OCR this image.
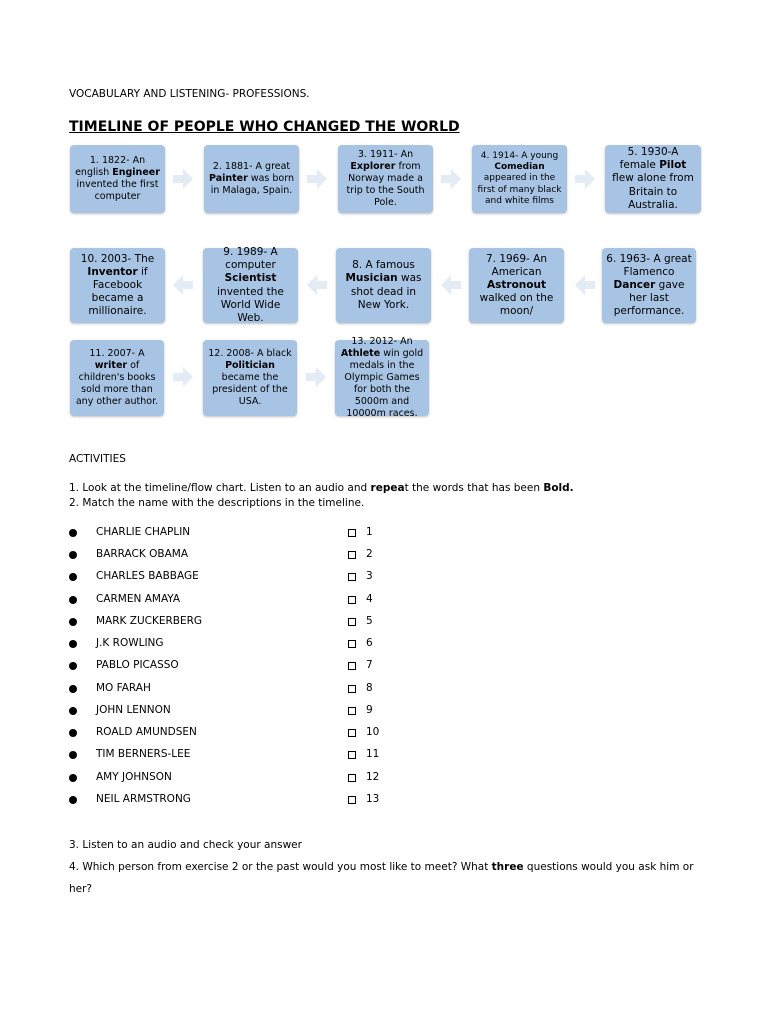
VOCABULARY AND LISTENING- PROFESSIONS.
TIMELINE OF PEOPLE WHO CHANGED THE WORLD
1. 1822- An english Engineer invented the first computer
2. 1881- A great Painter was born in Malaga, Spain.
3. 1911- An Explorer from Norway made a trip to the South Pole.
4. 1914- A young Comedian appeared in the first of many black and white films
5. 1930-A female Pilot flew alone from Britain to Australia.
6. 1963- A great Flamenco Dancer gave her last performance.
7. 1969- An American Astronout walked on the moon/
8. A famous Musician was shot dead in New York.
9. 1989- A computer Scientist invented the World Wide Web.
10. 2003- The Inventor if Facebook became a millionaire.
11. 2007- A writer of children's books sold more than any other author.
12. 2008- A black Politician became the president of the USA.
13. 2012- An Athlete win gold medals in the Olympic Games for both the 5000m and 10000m races.
ACTIVITIES
1. Look at the timeline/flow chart. Listen to an audio and repeat the words that has been Bold.
2. Match the name with the descriptions in the timeline.
CHARLIE CHAPLIN	1
BARRACK OBAMA	2
CHARLES BABBAGE	3
CARMEN AMAYA	4
MARK ZUCKERBERG	5
J.K ROWLING	6
PABLO PICASSO	7
MO FARAH	8
JOHN LENNON	9
ROALD AMUNDSEN	10
TIM BERNERS-LEE	11
AMY JOHNSON	12
NEIL ARMSTRONG	13
3. Listen to an audio and check your answer
4. Which person from exercise 2 or the past would you most like to meet? What three questions would you ask him or her?
